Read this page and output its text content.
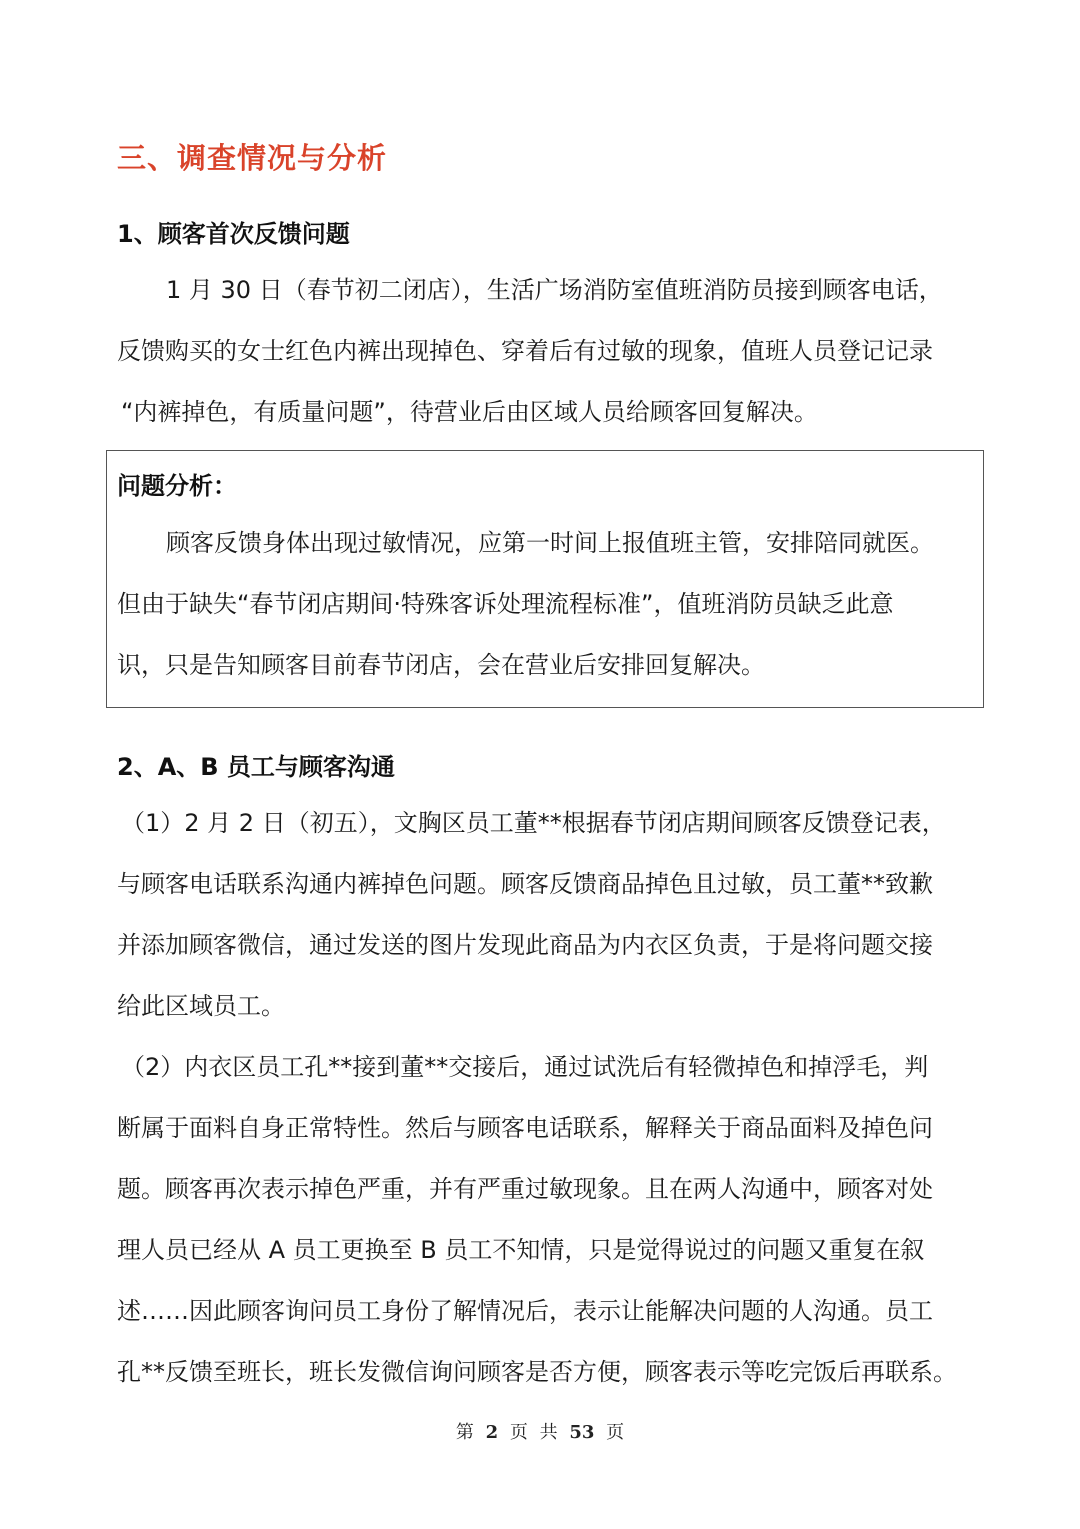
三、调查情况与分析
1、顾客首次反馈问题
1 月 30 日（春节初二闭店），生活广场消防室值班消防员接到顾客电话，
反馈购买的女士红色内裤出现掉色、穿着后有过敏的现象，值班人员登记记录
“内裤掉色，有质量问题”，待营业后由区域人员给顾客回复解决。
问题分析：
顾客反馈身体出现过敏情况，应第一时间上报值班主管，安排陪同就医。
但由于缺失“春节闭店期间·特殊客诉处理流程标准”，值班消防员缺乏此意
识，只是告知顾客目前春节闭店，会在营业后安排回复解决。
2、A、B 员工与顾客沟通
（1）2 月 2 日（初五），文胸区员工董**根据春节闭店期间顾客反馈登记表，
与顾客电话联系沟通内裤掉色问题。顾客反馈商品掉色且过敏，员工董**致歉
并添加顾客微信，通过发送的图片发现此商品为内衣区负责，于是将问题交接
给此区域员工。
（2）内衣区员工孔**接到董**交接后，通过试洗后有轻微掉色和掉浮毛，判
断属于面料自身正常特性。然后与顾客电话联系，解释关于商品面料及掉色问
题。顾客再次表示掉色严重，并有严重过敏现象。且在两人沟通中，顾客对处
理人员已经从 A 员工更换至 B 员工不知情，只是觉得说过的问题又重复在叙
述……因此顾客询问员工身份了解情况后，表示让能解决问题的人沟通。员工
孔**反馈至班长，班长发微信询问顾客是否方便，顾客表示等吃完饭后再联系。
第 2 页 共 53 页
